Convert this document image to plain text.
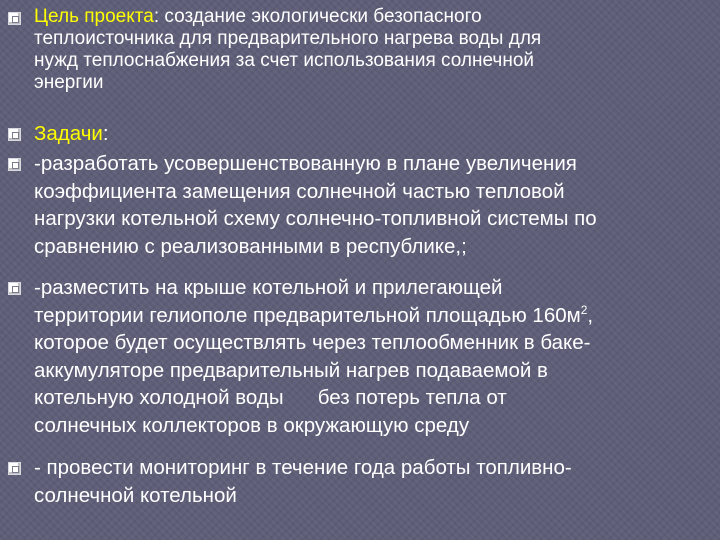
Цель проекта: создание экологически безопасного
теплоисточника для предварительного нагрева воды для
нужд теплоснабжения за счет использования солнечной
энергии
Задачи:
-разработать усовершенствованную в плане увеличения
коэффициента замещения солнечной частью тепловой
нагрузки котельной схему солнечно-топливной системы по
сравнению с реализованными в республике,;
-разместить на крыше котельной и прилегающей
территории гелиополе предварительной площадью $160м^2$,
которое будет осуществлять через теплообменник в баке-
аккумуляторе предварительный нагрев подаваемой в
котельную холодной воды      без потерь тепла от
солнечных коллекторов в окружающую среду
- провести мониторинг в течение года работы топливно-
солнечной котельной
